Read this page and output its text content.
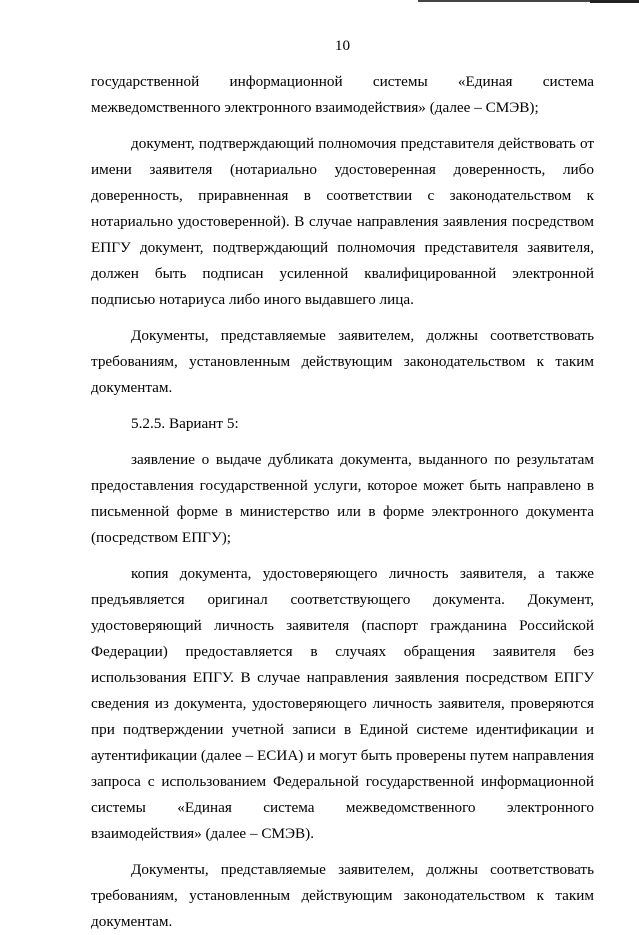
10

государственной информационной системы «Единая система межведомственного электронного взаимодействия» (далее – СМЭВ);

документ, подтверждающий полномочия представителя действовать от имени заявителя (нотариально удостоверенная доверенность, либо доверенность, приравненная в соответствии с законодательством к нотариально удостоверенной). В случае направления заявления посредством ЕПГУ документ, подтверждающий полномочия представителя заявителя, должен быть подписан усиленной квалифицированной электронной подписью нотариуса либо иного выдавшего лица.

Документы, представляемые заявителем, должны соответствовать требованиям, установленным действующим законодательством к таким документам.

5.2.5. Вариант 5:

заявление о выдаче дубликата документа, выданного по результатам предоставления государственной услуги, которое может быть направлено в письменной форме в министерство или в форме электронного документа (посредством ЕПГУ);

копия документа, удостоверяющего личность заявителя, а также предъявляется оригинал соответствующего документа. Документ, удостоверяющий личность заявителя (паспорт гражданина Российской Федерации) предоставляется в случаях обращения заявителя без использования ЕПГУ. В случае направления заявления посредством ЕПГУ сведения из документа, удостоверяющего личность заявителя, проверяются при подтверждении учетной записи в Единой системе идентификации и аутентификации (далее – ЕСИА) и могут быть проверены путем направления запроса с использованием Федеральной государственной информационной системы «Единая система межведомственного электронного взаимодействия» (далее – СМЭВ).

Документы, представляемые заявителем, должны соответствовать требованиям, установленным действующим законодательством к таким документам.
